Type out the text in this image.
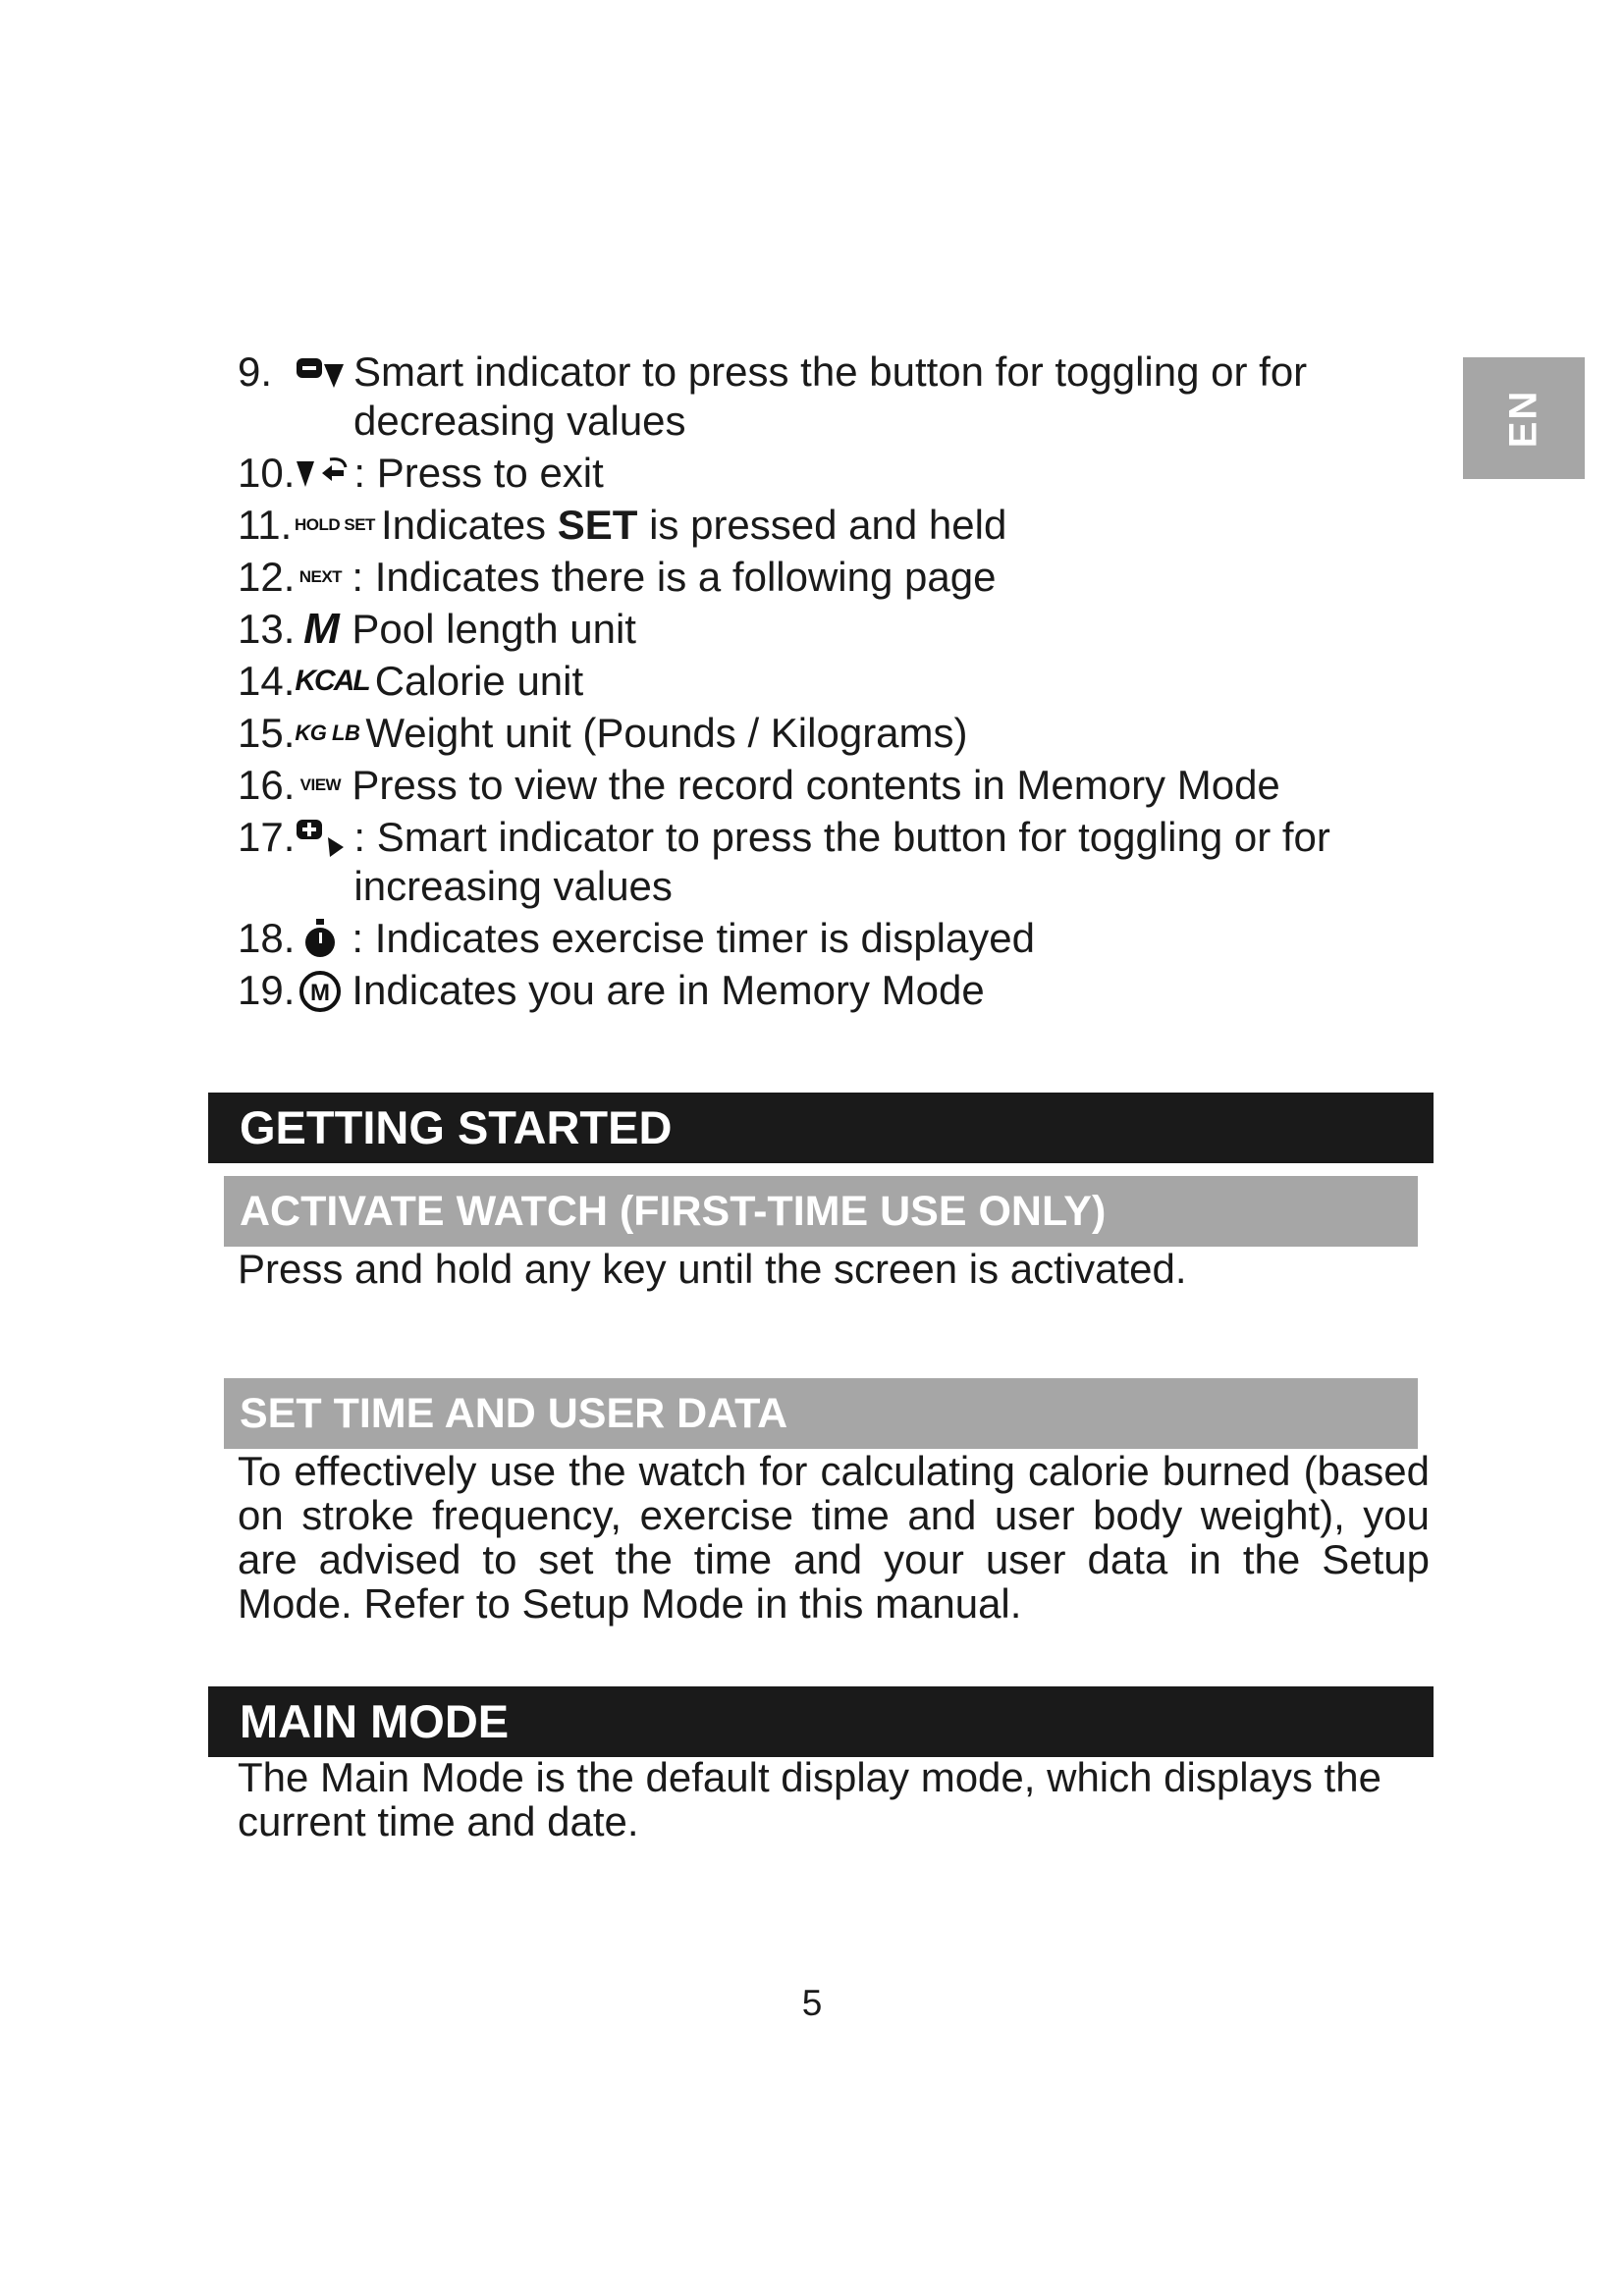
EN
9.	Smart indicator to press the button for toggling or for decreasing values
10. : Press to exit
11. HOLD SET Indicates SET is pressed and held
12. NEXT : Indicates there is a following page
13. M Pool length unit
14. KCAL Calorie unit
15. KG LB Weight unit (Pounds / Kilograms)
16. VIEW Press to view the record contents in Memory Mode
17. : Smart indicator to press the button for toggling or for increasing values
18. : Indicates exercise timer is displayed
19. M Indicates you are in Memory Mode
GETTING STARTED
ACTIVATE WATCH (FIRST-TIME USE ONLY)

Press and hold any key until the screen is activated.

SET TIME AND USER DATA

To effectively use the watch for calculating calorie burned (based on stroke frequency, exercise time and user body weight), you are advised to set the time and your user data in the Setup Mode. Refer to Setup Mode in this manual.

MAIN MODE

The Main Mode is the default display mode, which displays the current time and date.

5
